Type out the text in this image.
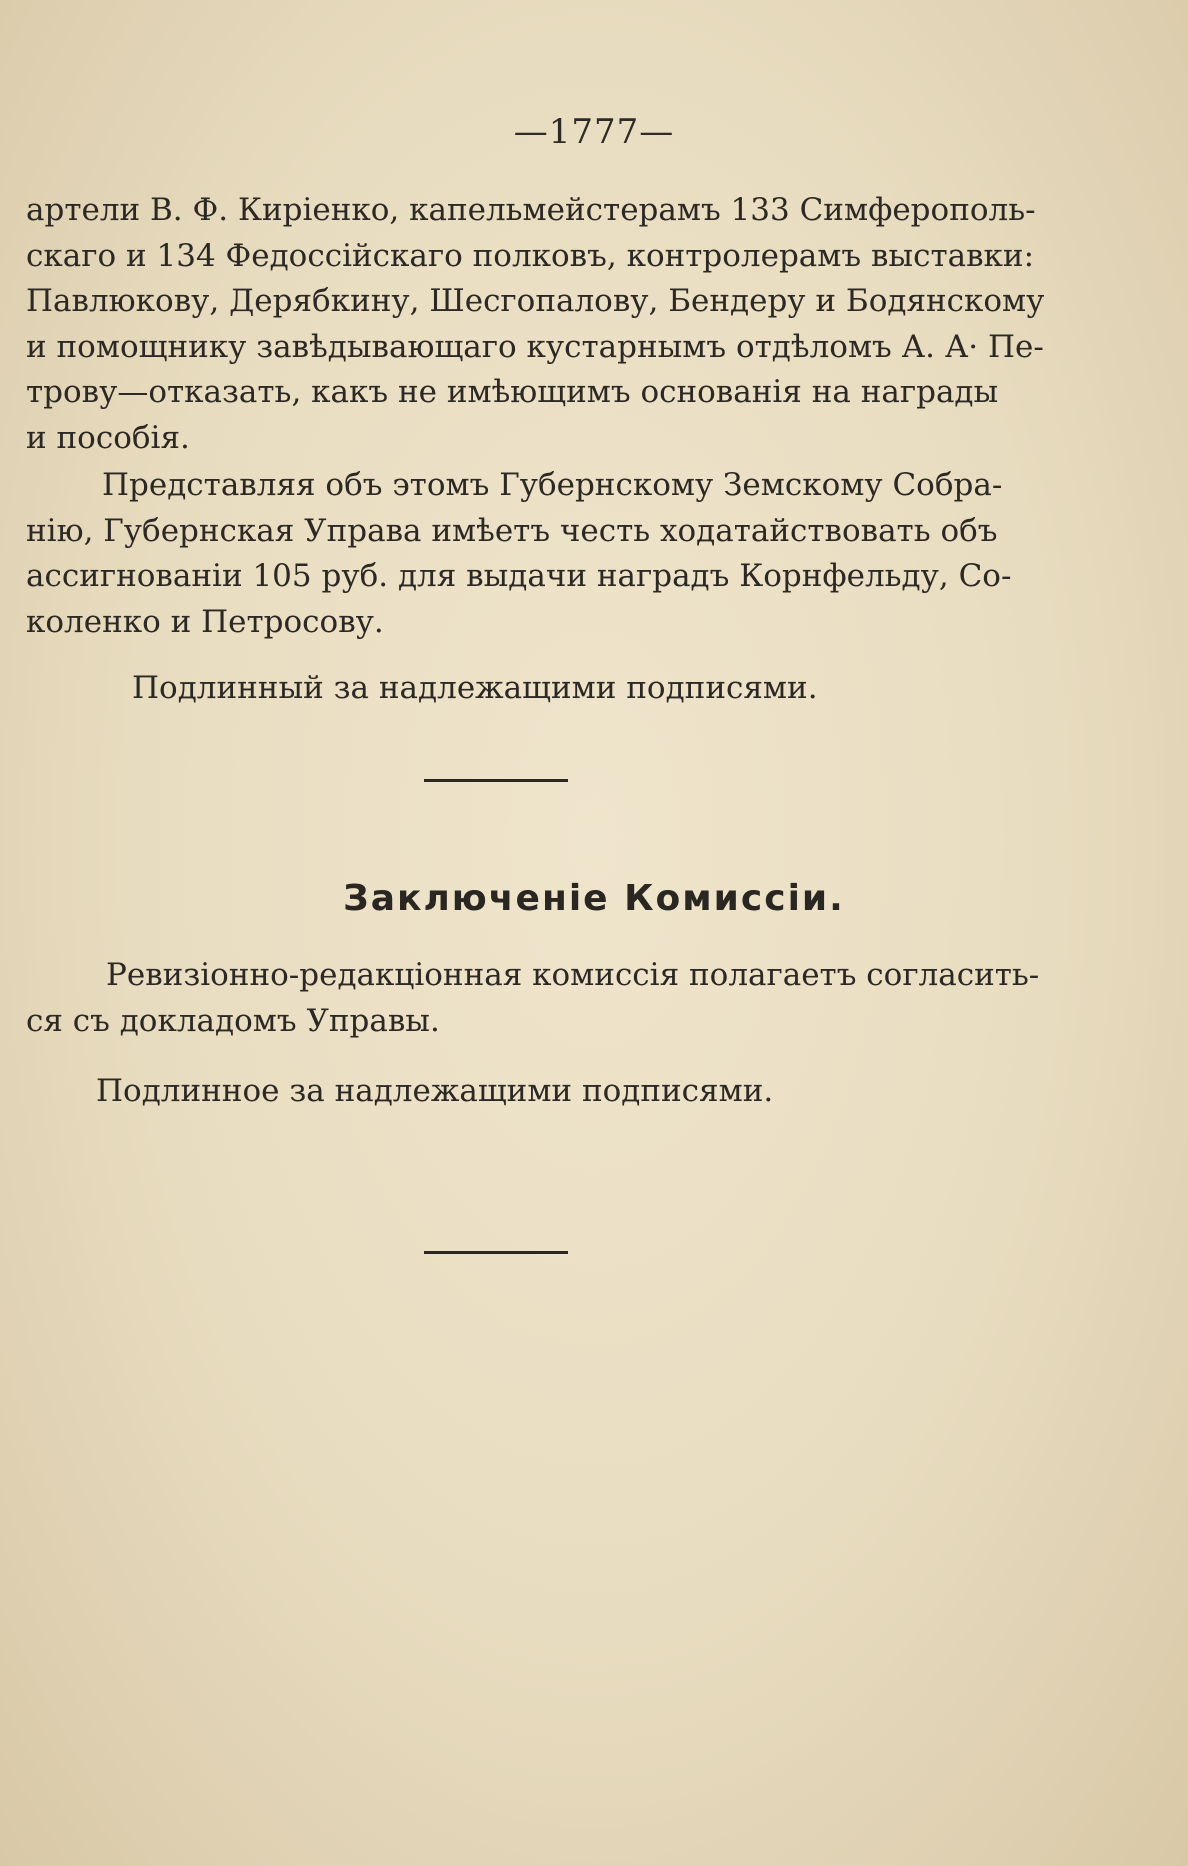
—1777—
артели В. Ф. Киріенко, капельмейстерамъ 133 Симферополь-
скаго и 134 Федоссійскаго полковъ, контролерамъ выставки:
Павлюкову, Дерябкину, Шесгопалову, Бендеру и Бодянскому
и помощнику завѣдывающаго кустарнымъ отдѣломъ А. А· Пе-
трову—отказать, какъ не имѣющимъ основанія на награды
и пособія.
Представляя объ этомъ Губернскому Земскому Собра-
нію, Губернская Управа имѣетъ честь ходатайствовать объ
ассигнованіи 105 руб. для выдачи наградъ Корнфельду, Со-
коленко и Петросову.
Подлинный за надлежащими подписями.
Заключеніе Комиссіи.
Ревизіонно-редакціонная комиссія полагаетъ согласить-
ся съ докладомъ Управы.
Подлинное за надлежащими подписями.
